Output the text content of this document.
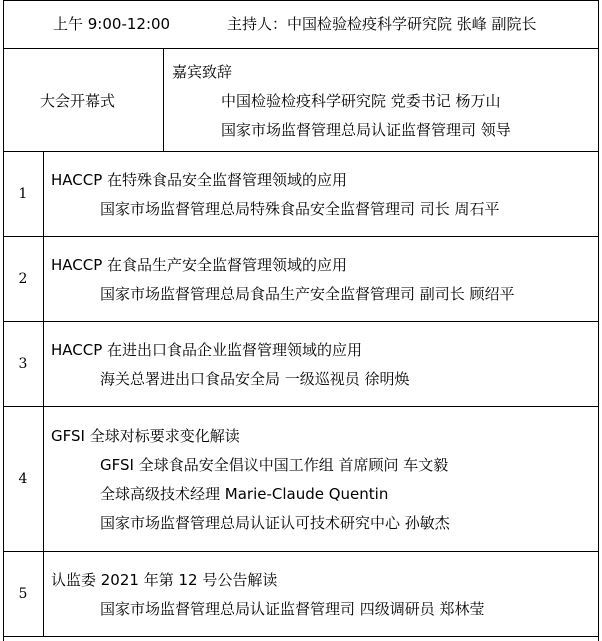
上午 9:00-12:00	主持人：中国检验检疫科学研究院 张峰 副院长
大会开幕式
嘉宾致辞
中国检验检疫科学研究院 党委书记 杨万山
国家市场监督管理总局认证监督管理司 领导
1
HACCP 在特殊食品安全监督管理领域的应用
国家市场监督管理总局特殊食品安全监督管理司 司长 周石平
2
HACCP 在食品生产安全监督管理领域的应用
国家市场监督管理总局食品生产安全监督管理司 副司长 顾绍平
3
HACCP 在进出口食品企业监督管理领域的应用
海关总署进出口食品安全局 一级巡视员 徐明焕
4
GFSI 全球对标要求变化解读
GFSI 全球食品安全倡议中国工作组 首席顾问 车文毅
全球高级技术经理 Marie-Claude Quentin
国家市场监督管理总局认证认可技术研究中心 孙敏杰
5
认监委 2021 年第 12 号公告解读
国家市场监督管理总局认证监督管理司 四级调研员 郑林莹
